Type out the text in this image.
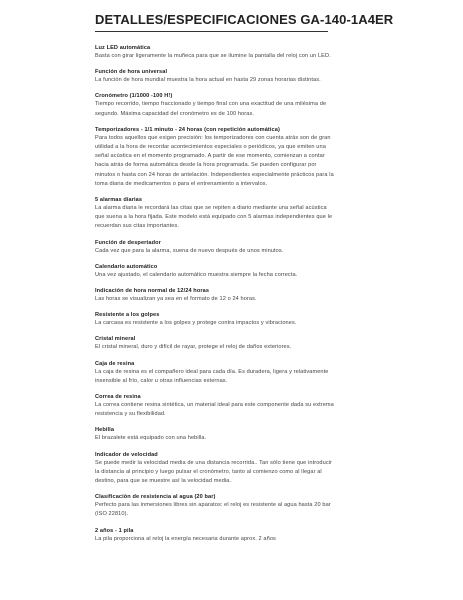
DETALLES/ESPECIFICACIONES GA-140-1A4ER
Luz LED automática
Basta con girar ligeramente la muñeca para que se ilumine la pantalla del reloj con un LED.
Función de hora universal
La función de hora mundial muestra la hora actual en hasta 29 zonas horarias distintas.
Cronómetro (1/1000 -100 H!)
Tiempo recorrido, tiempo fraccionado y tiempo final con una exactitud de una milésima de segundo. Máxima capacidad del cronómetro es de 100 horas.
Temporizadores - 1/1 minuto - 24 horas (con repetición automática)
Para todos aquellos que exigen precisión: los temporizadores con cuenta atrás son de gran utilidad a la hora de recordar acontecimientos especiales o periódicos, ya que emiten una señal acústica en el momento programado. A partir de ese momento, comienzan a contar hacia atrás de forma automática desde la hora programada. Se pueden configurar por minutos o hasta con 24 horas de antelación. Independientes especialmente prácticos para la toma diaria de medicamentos o para el entrenamiento a intervalos.
5 alarmas diarias
La alarma diaria le recordará las citas que se repiten a diario mediante una señal acústica que suena a la hora fijada. Este modelo está equipado con 5 alarmas independientes que le recuerdan sus citas importantes.
Función de despertador
Cada vez que para la alarma, suena de nuevo después de unos minutos.
Calendario automático
Una vez ajustado, el calendario automático muestra siempre la fecha correcta.
Indicación de hora normal de 12/24 horas
Las horas se visualizan ya sea en el formato de 12 o 24 horas.
Resistente a los golpes
La carcasa es resistente a los golpes y protege contra impactos y vibraciones.
Cristal mineral
El cristal mineral, duro y difícil de rayar, protege el reloj de daños exteriores.
Caja de resina
La caja de resina es el compañero ideal para cada día. Es duradera, ligera y relativamente insensible al frío, calor u otras influencias externas.
Correa de resina
La correa contiene resina sintética, un material ideal para este componente dada su extrema resistencia y su flexibilidad.
Hebilla
El brazalete está equipado con una hebilla.
Indicador de velocidad
Se puede medir la velocidad media de una distancia recorrida.. Tan sólo tiene que introducir la distancia al principio y luego pulsar el cronómetro, tanto al comienzo como al llegar al destino, para que se muestre así la velocidad media.
Clasificación de resistencia al agua (20 bar)
Perfecto para las inmersiones libres sin aparatos: el reloj es resistente al agua hasta 20 bar (ISO 22810).
2 años - 1 pila
La pila proporciona al reloj la energía necesaria durante aprox. 2 años
